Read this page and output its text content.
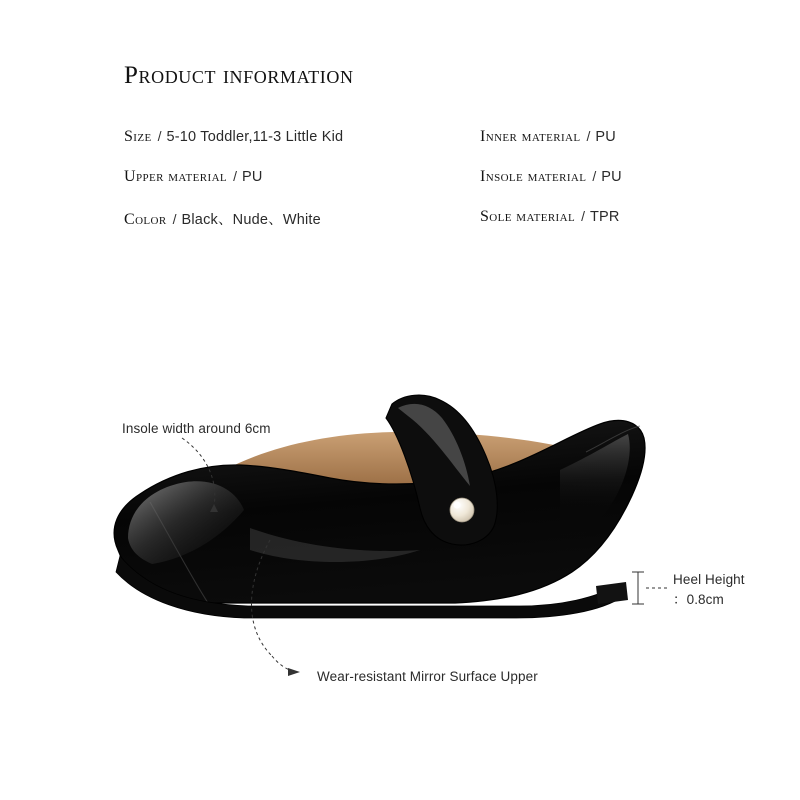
Product information
Size / 5-10 Toddler,11-3 Little Kid
Upper material / PU
Color / Black、Nude、White
Inner material / PU
Insole material / PU
Sole material / TPR
Insole width around 6cm
Wear-resistant Mirror Surface Upper
Heel Height
：0.8cm
